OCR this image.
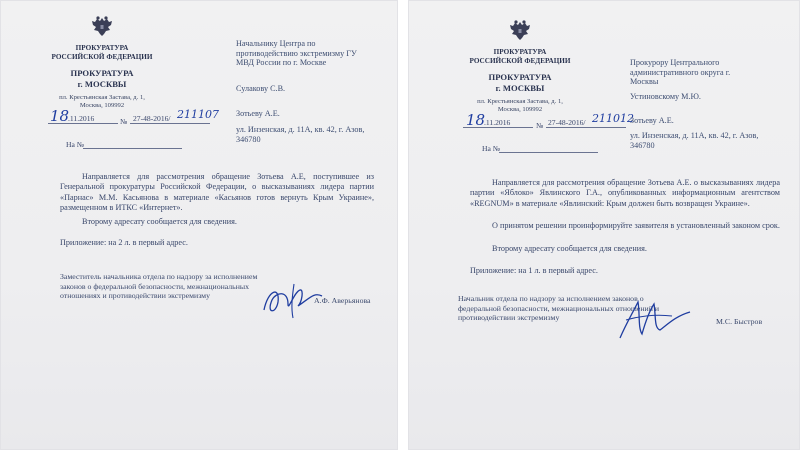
ПРОКУРАТУРА
РОССИЙСКОЙ ФЕДЕРАЦИИ
ПРОКУРАТУРА
г. МОСКВЫ
пл. Крестьянская Застава, д. 1,
Москва, 109992
18
.11.2016	№ 27-48-2016/ 211107
На №
Начальнику Центра по противодействию экстремизму ГУ МВД России по г. Москве
Сулакову С.В.
Зотьеву А.Е.
ул. Инзенская, д. 11А, кв. 42, г. Азов, 346780
Направляется для рассмотрения обращение Зотьева А.Е, поступившее из Генеральной прокуратуры Российской Федерации, о высказываниях лидера партии «Парнас» М.М. Касьянова в материале «Касьянов готов вернуть Крым Украине», размещенном в ИТКС «Интернет».
Второму адресату сообщается для сведения.
Приложение: на 2 л. в первый адрес.
Заместитель начальника отдела по надзору за исполнением законов о федеральной безопасности, межнациональных отношениях и противодействии экстремизму
А.Ф. Аверьянова
ПРОКУРАТУРА
РОССИЙСКОЙ ФЕДЕРАЦИИ
ПРОКУРАТУРА
г. МОСКВЫ
пл. Крестьянская Застава, д. 1,
Москва, 109992
18
.11.2016	№ 27-48-2016/ 211012
На №
Прокурору Центрального административного округа г. Москвы
Устиновскому М.Ю.
Зотьеву А.Е.
ул. Инзенская, д. 11А, кв. 42, г. Азов, 346780
Направляется для рассмотрения обращение Зотьева А.Е. о высказываниях лидера партии «Яблоко» Явлинского Г.А., опубликованных информационным агентством «REGNUM» в материале «Явлинский: Крым должен быть возвращен Украине».
О принятом решении проинформируйте заявителя в установленный законом срок.
Второму адресату сообщается для сведения.
Приложение: на 1 л. в первый адрес.
Начальник отдела по надзору за исполнением законов о федеральной безопасности, межнациональных отношений и противодействии экстремизму	М.С. Быстров
